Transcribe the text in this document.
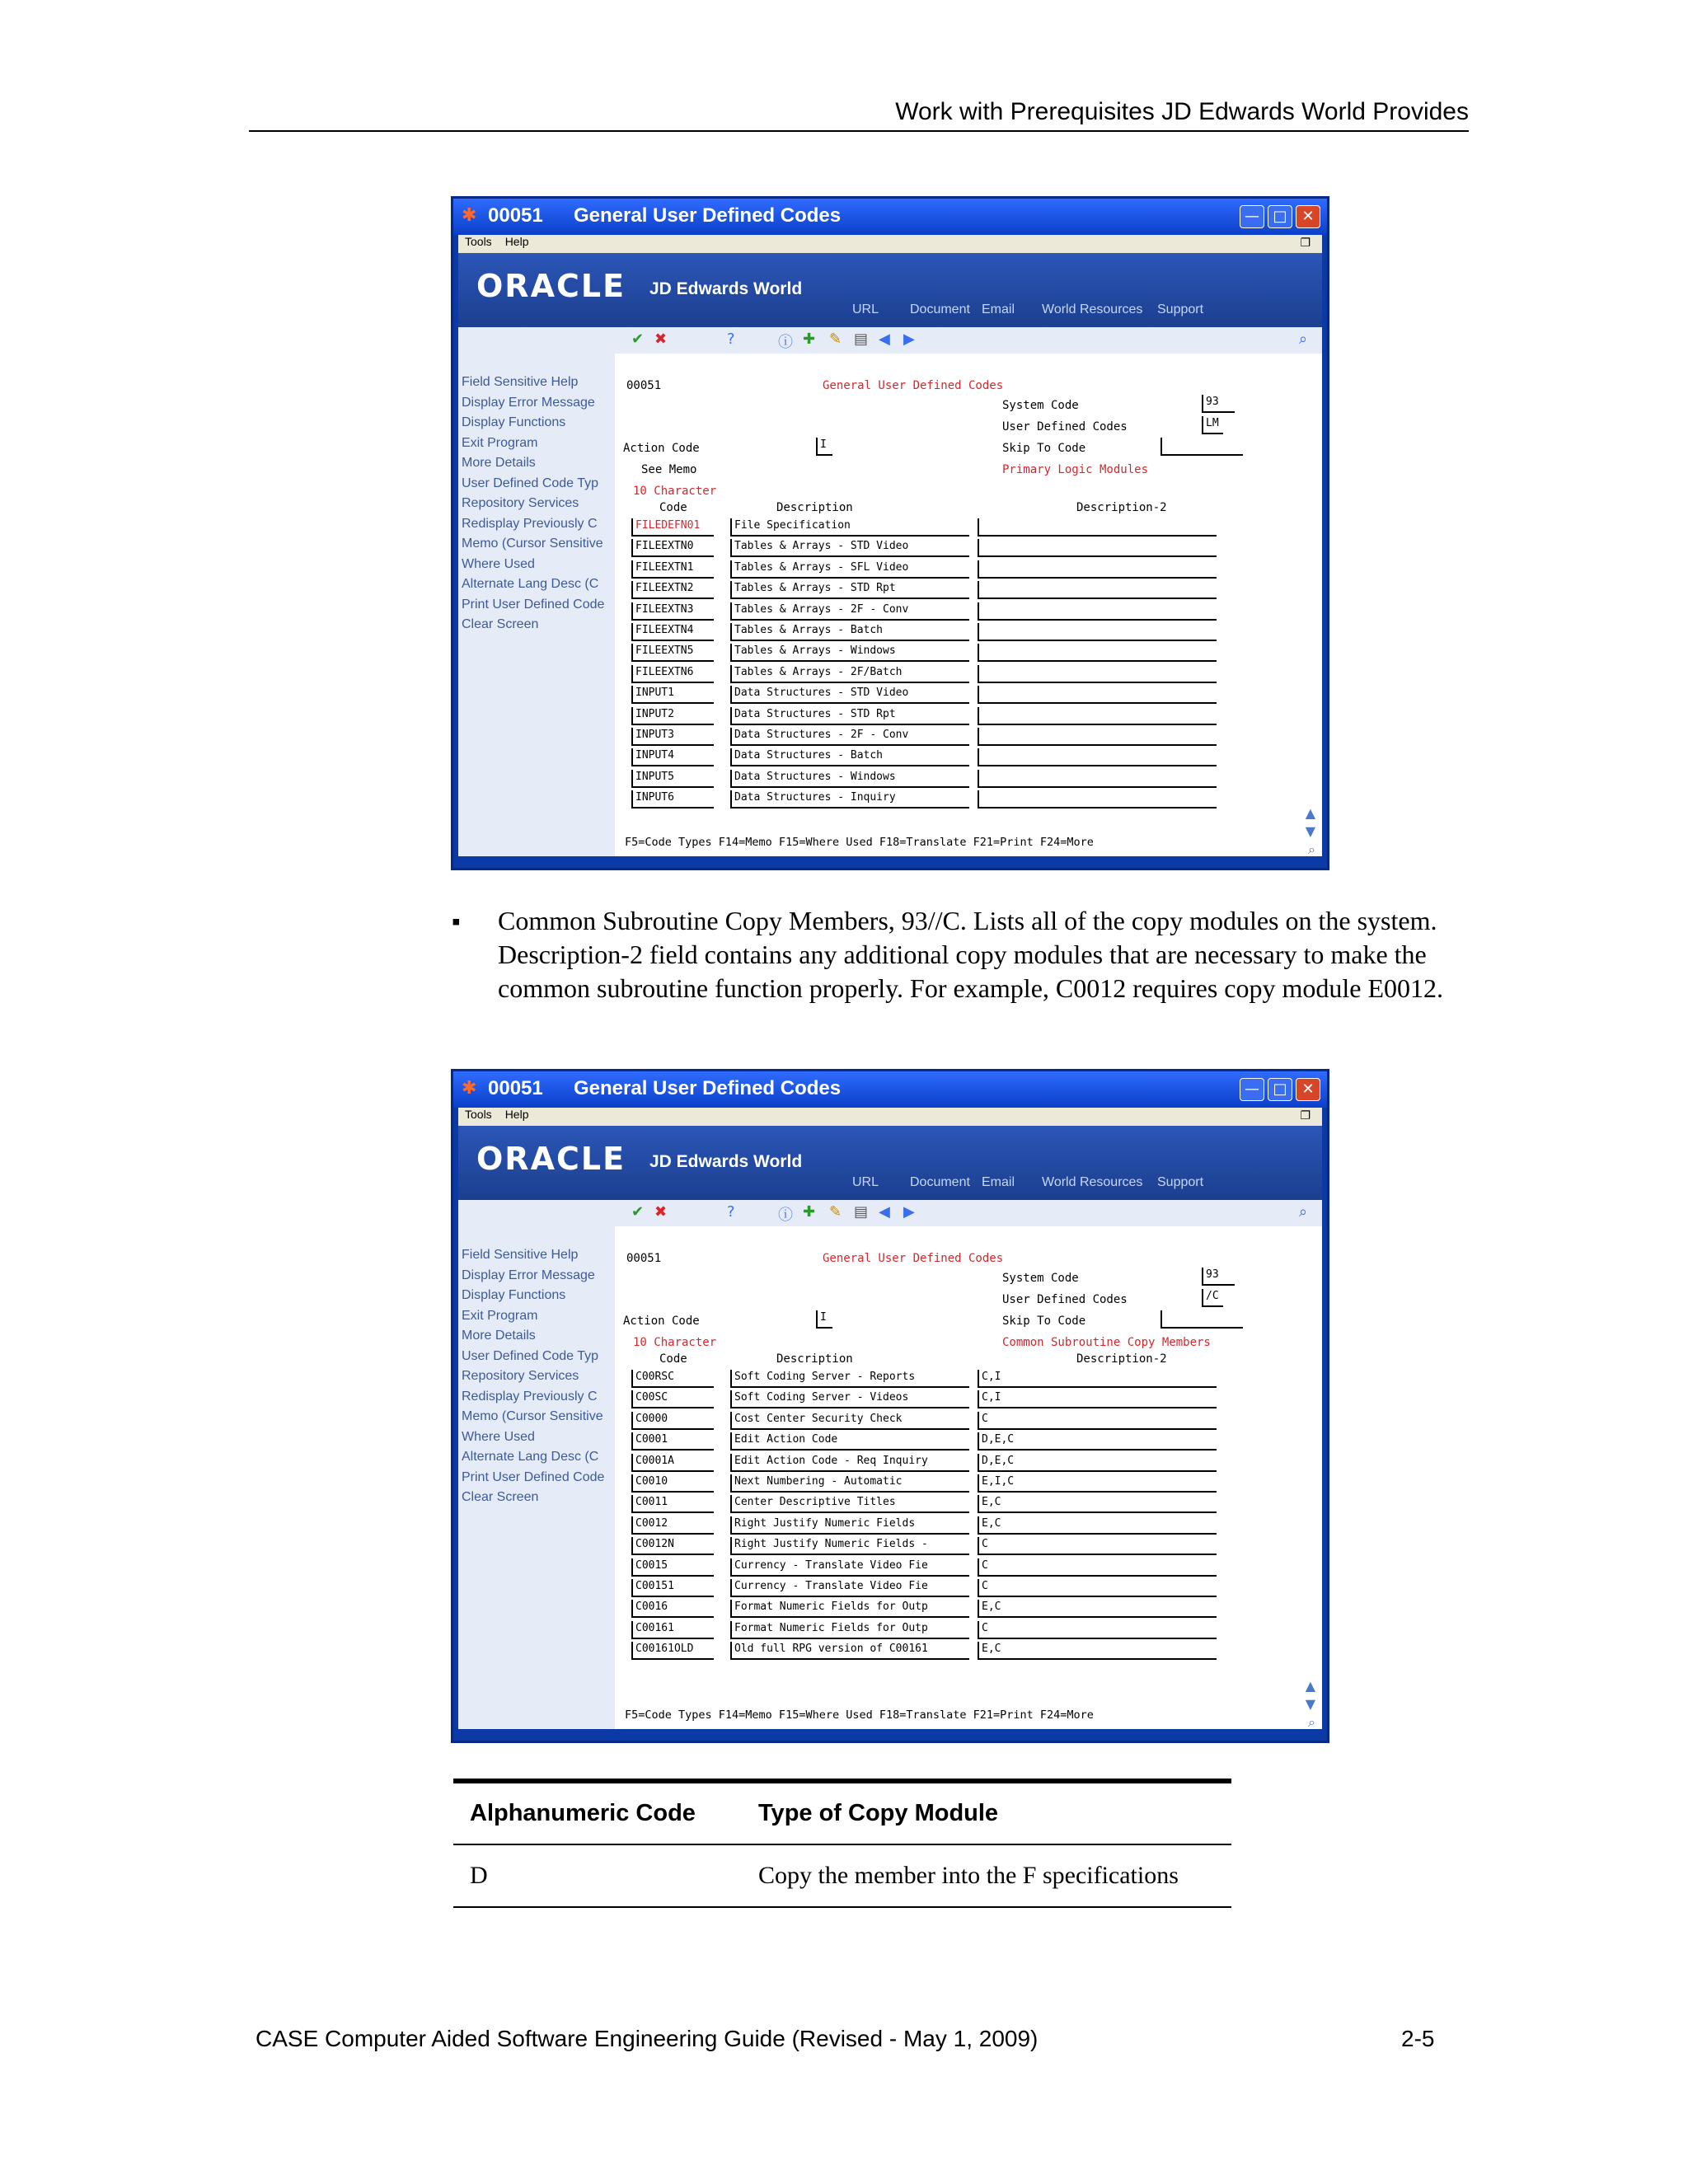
Work with Prerequisites JD Edwards World Provides
✱ 00051 General User Defined Codes	— □ ✕
Tools Help	❐
ORACLE JD Edwards World
URL Document Email World Resources Support
✔ ✖	?	ⓘ ✚ ✎ ▤ ◀ ▶	⌕
Field Sensitive Help
Display Error Message
Display Functions
Exit Program
More Details
User Defined Code Typ
Repository Services
Redisplay Previously C
Memo (Cursor Sensitive
Where Used
Alternate Lang Desc (C
Print User Defined Code
Clear Screen
00051	General User Defined Codes
System Code	93
User Defined Codes	LM
Action Code	I	Skip To Code
Primary Logic Modules
See Memo
10 Character
Code	Description	Description-2
FILEDEFN01	File Specification
FILEEXTN0	Tables & Arrays - STD Video
FILEEXTN1	Tables & Arrays - SFL Video
FILEEXTN2	Tables & Arrays - STD Rpt
FILEEXTN3	Tables & Arrays - 2F - Conv
FILEEXTN4	Tables & Arrays - Batch
FILEEXTN5	Tables & Arrays - Windows
FILEEXTN6	Tables & Arrays - 2F/Batch
INPUT1	Data Structures - STD Video
INPUT2	Data Structures - STD Rpt
INPUT3	Data Structures - 2F - Conv
INPUT4	Data Structures - Batch
INPUT5	Data Structures - Windows
INPUT6	Data Structures - Inquiry
F5=Code Types F14=Memo F15=Where Used F18=Translate F21=Print F24=More
▲
▼
⌕
✱ 00051 General User Defined Codes	— □ ✕
Tools Help	❐
ORACLE JD Edwards World
URL Document Email World Resources Support
✔ ✖	?	ⓘ ✚ ✎ ▤ ◀ ▶	⌕
Field Sensitive Help
Display Error Message
Display Functions
Exit Program
More Details
User Defined Code Typ
Repository Services
Redisplay Previously C
Memo (Cursor Sensitive
Where Used
Alternate Lang Desc (C
Print User Defined Code
Clear Screen
00051	General User Defined Codes
System Code	93
User Defined Codes	/C
Action Code	I	Skip To Code
Common Subroutine Copy Members
10 Character
Code	Description	Description-2
C00RSC	Soft Coding Server - Reports	C,I
C00SC	Soft Coding Server - Videos	C,I
C0000	Cost Center Security Check	C
C0001	Edit Action Code	D,E,C
C0001A	Edit Action Code - Req Inquiry	D,E,C
C0010	Next Numbering - Automatic	E,I,C
C0011	Center Descriptive Titles	E,C
C0012	Right Justify Numeric Fields	E,C
C0012N	Right Justify Numeric Fields -	C
C0015	Currency - Translate Video Fie	C
C00151	Currency - Translate Video Fie	C
C0016	Format Numeric Fields for Outp	E,C
C00161	Format Numeric Fields for Outp	C
C00161OLD	Old full RPG version of C00161	E,C
F5=Code Types F14=Memo F15=Where Used F18=Translate F21=Print F24=More
▲
▼
⌕
▪ Common Subroutine Copy Members, 93//C. Lists all of the copy modules on the system. Description-2 field contains any additional copy modules that are necessary to make the common subroutine function properly. For example, C0012 requires copy module E0012.
Alphanumeric Code	Type of Copy Module
D	Copy the member into the F specifications
CASE Computer Aided Software Engineering Guide (Revised - May 1, 2009)	2-5
